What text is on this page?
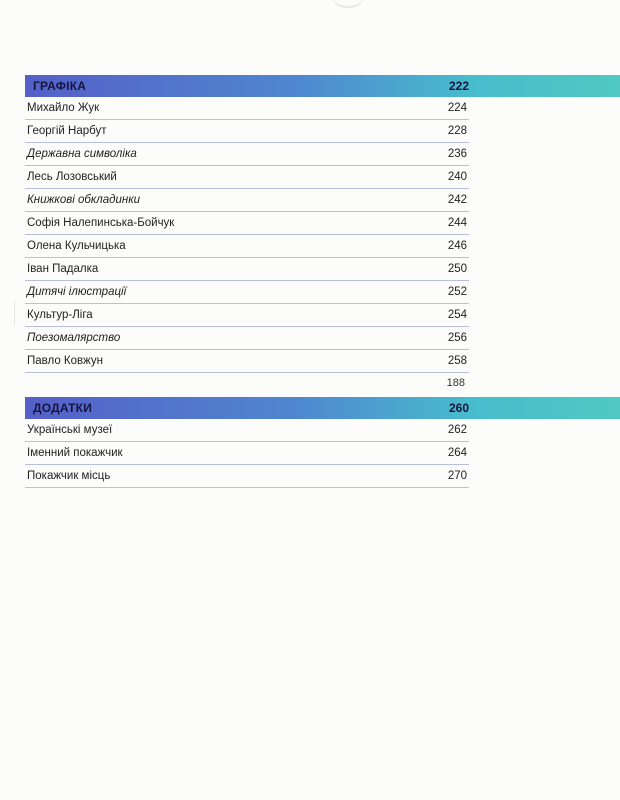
ГРАФІКА	222
Михайло Жук	224
Георгій Нарбут	228
Державна символіка	236
Лесь Лозовський	240
Книжкові обкладинки	242
Софія Налепинська-Бойчук	244
Олена Кульчицька	246
Іван Падалка	250
Дитячі ілюстрації	252
Культур-Ліга	254
Поезомалярство	256
Павло Ковжун	258
188
ДОДАТКИ	260
Українські музеї	262
Іменний покажчик	264
Покажчик місць	270
